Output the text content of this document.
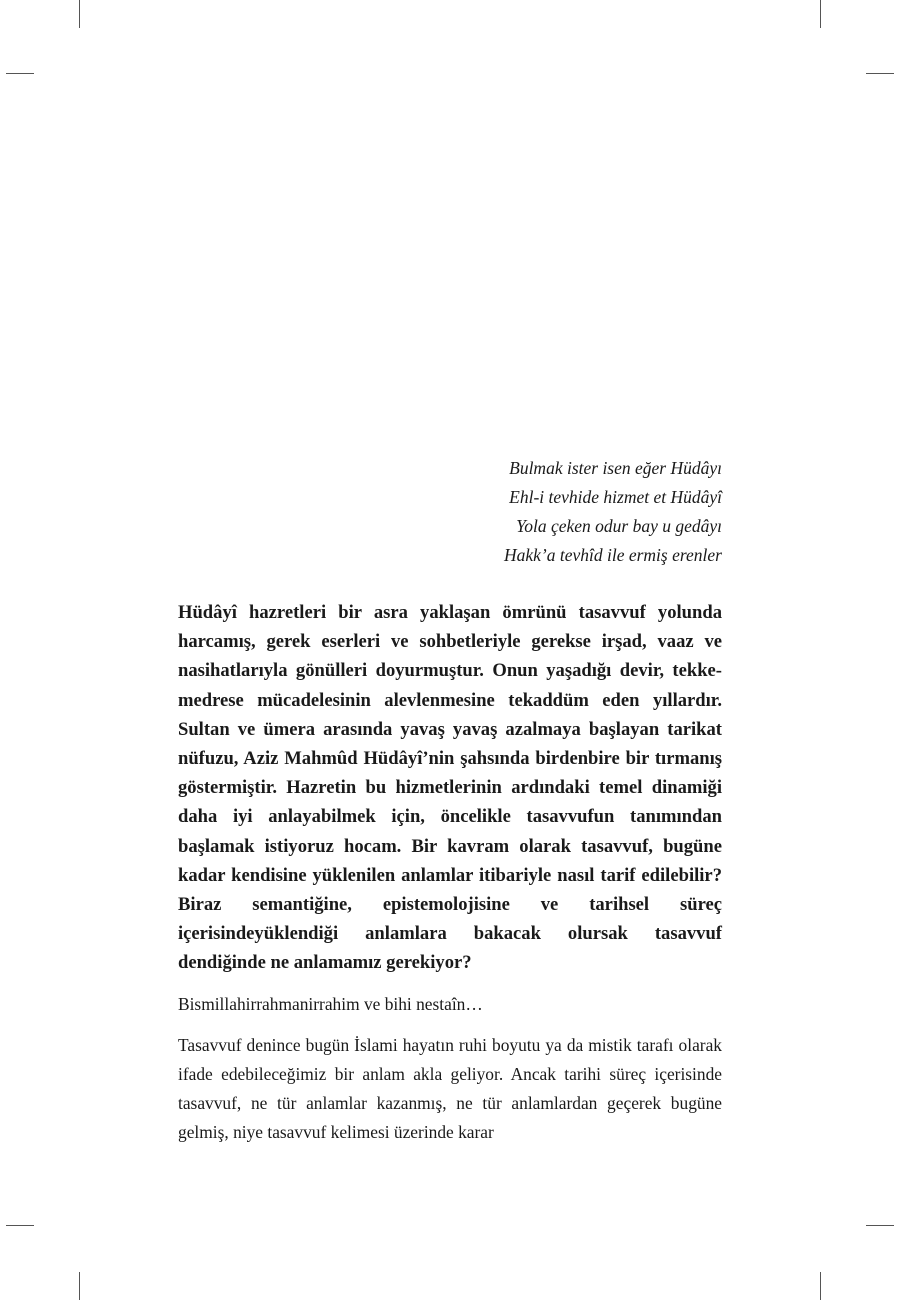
Bulmak ister isen eğer Hüdâyı
Ehl-i tevhide hizmet et Hüdâyî
Yola çeken odur bay u gedâyı
Hakk’a tevhîd ile ermiş erenler

Hüdâyî hazretleri bir asra yaklaşan ömrünü tasavvuf yolunda harcamış, gerek eserleri ve sohbetleriyle gerekse irşad, vaaz ve nasihatlarıyla gönülleri doyurmuştur. Onun yaşadığı devir, tekke-medrese mücadelesinin alevlenmesine tekaddüm eden yıllardır. Sultan ve ümera arasında yavaş yavaş azalmaya başlayan tarikat nüfuzu, Aziz Mahmûd Hüdâyî’nin şahsında birdenbire bir tırmanış göstermiştir. Hazretin bu hizmetlerinin ardındaki temel dinamiği daha iyi anlayabilmek için, öncelikle tasavvufun tanımından başlamak istiyoruz hocam. Bir kavram olarak tasavvuf, bugüne kadar kendisine yüklenilen anlamlar itibariyle nasıl tarif edilebilir? Biraz semantiğine, epistemolojisine ve tarihsel süreç içerisindeyüklendiği anlamlara bakacak olursak tasavvuf dendiğinde ne anlamamız gerekiyor?

Bismillahirrahmanirrahim ve bihi nestaîn…

Tasavvuf denince bugün İslami hayatın ruhi boyutu ya da mistik tarafı olarak ifade edebileceğimiz bir anlam akla geliyor. Ancak tarihi süreç içerisinde tasavvuf, ne tür anlamlar kazanmış, ne tür anlamlardan geçerek bugüne gelmiş, niye tasavvuf kelimesi üzerinde karar
